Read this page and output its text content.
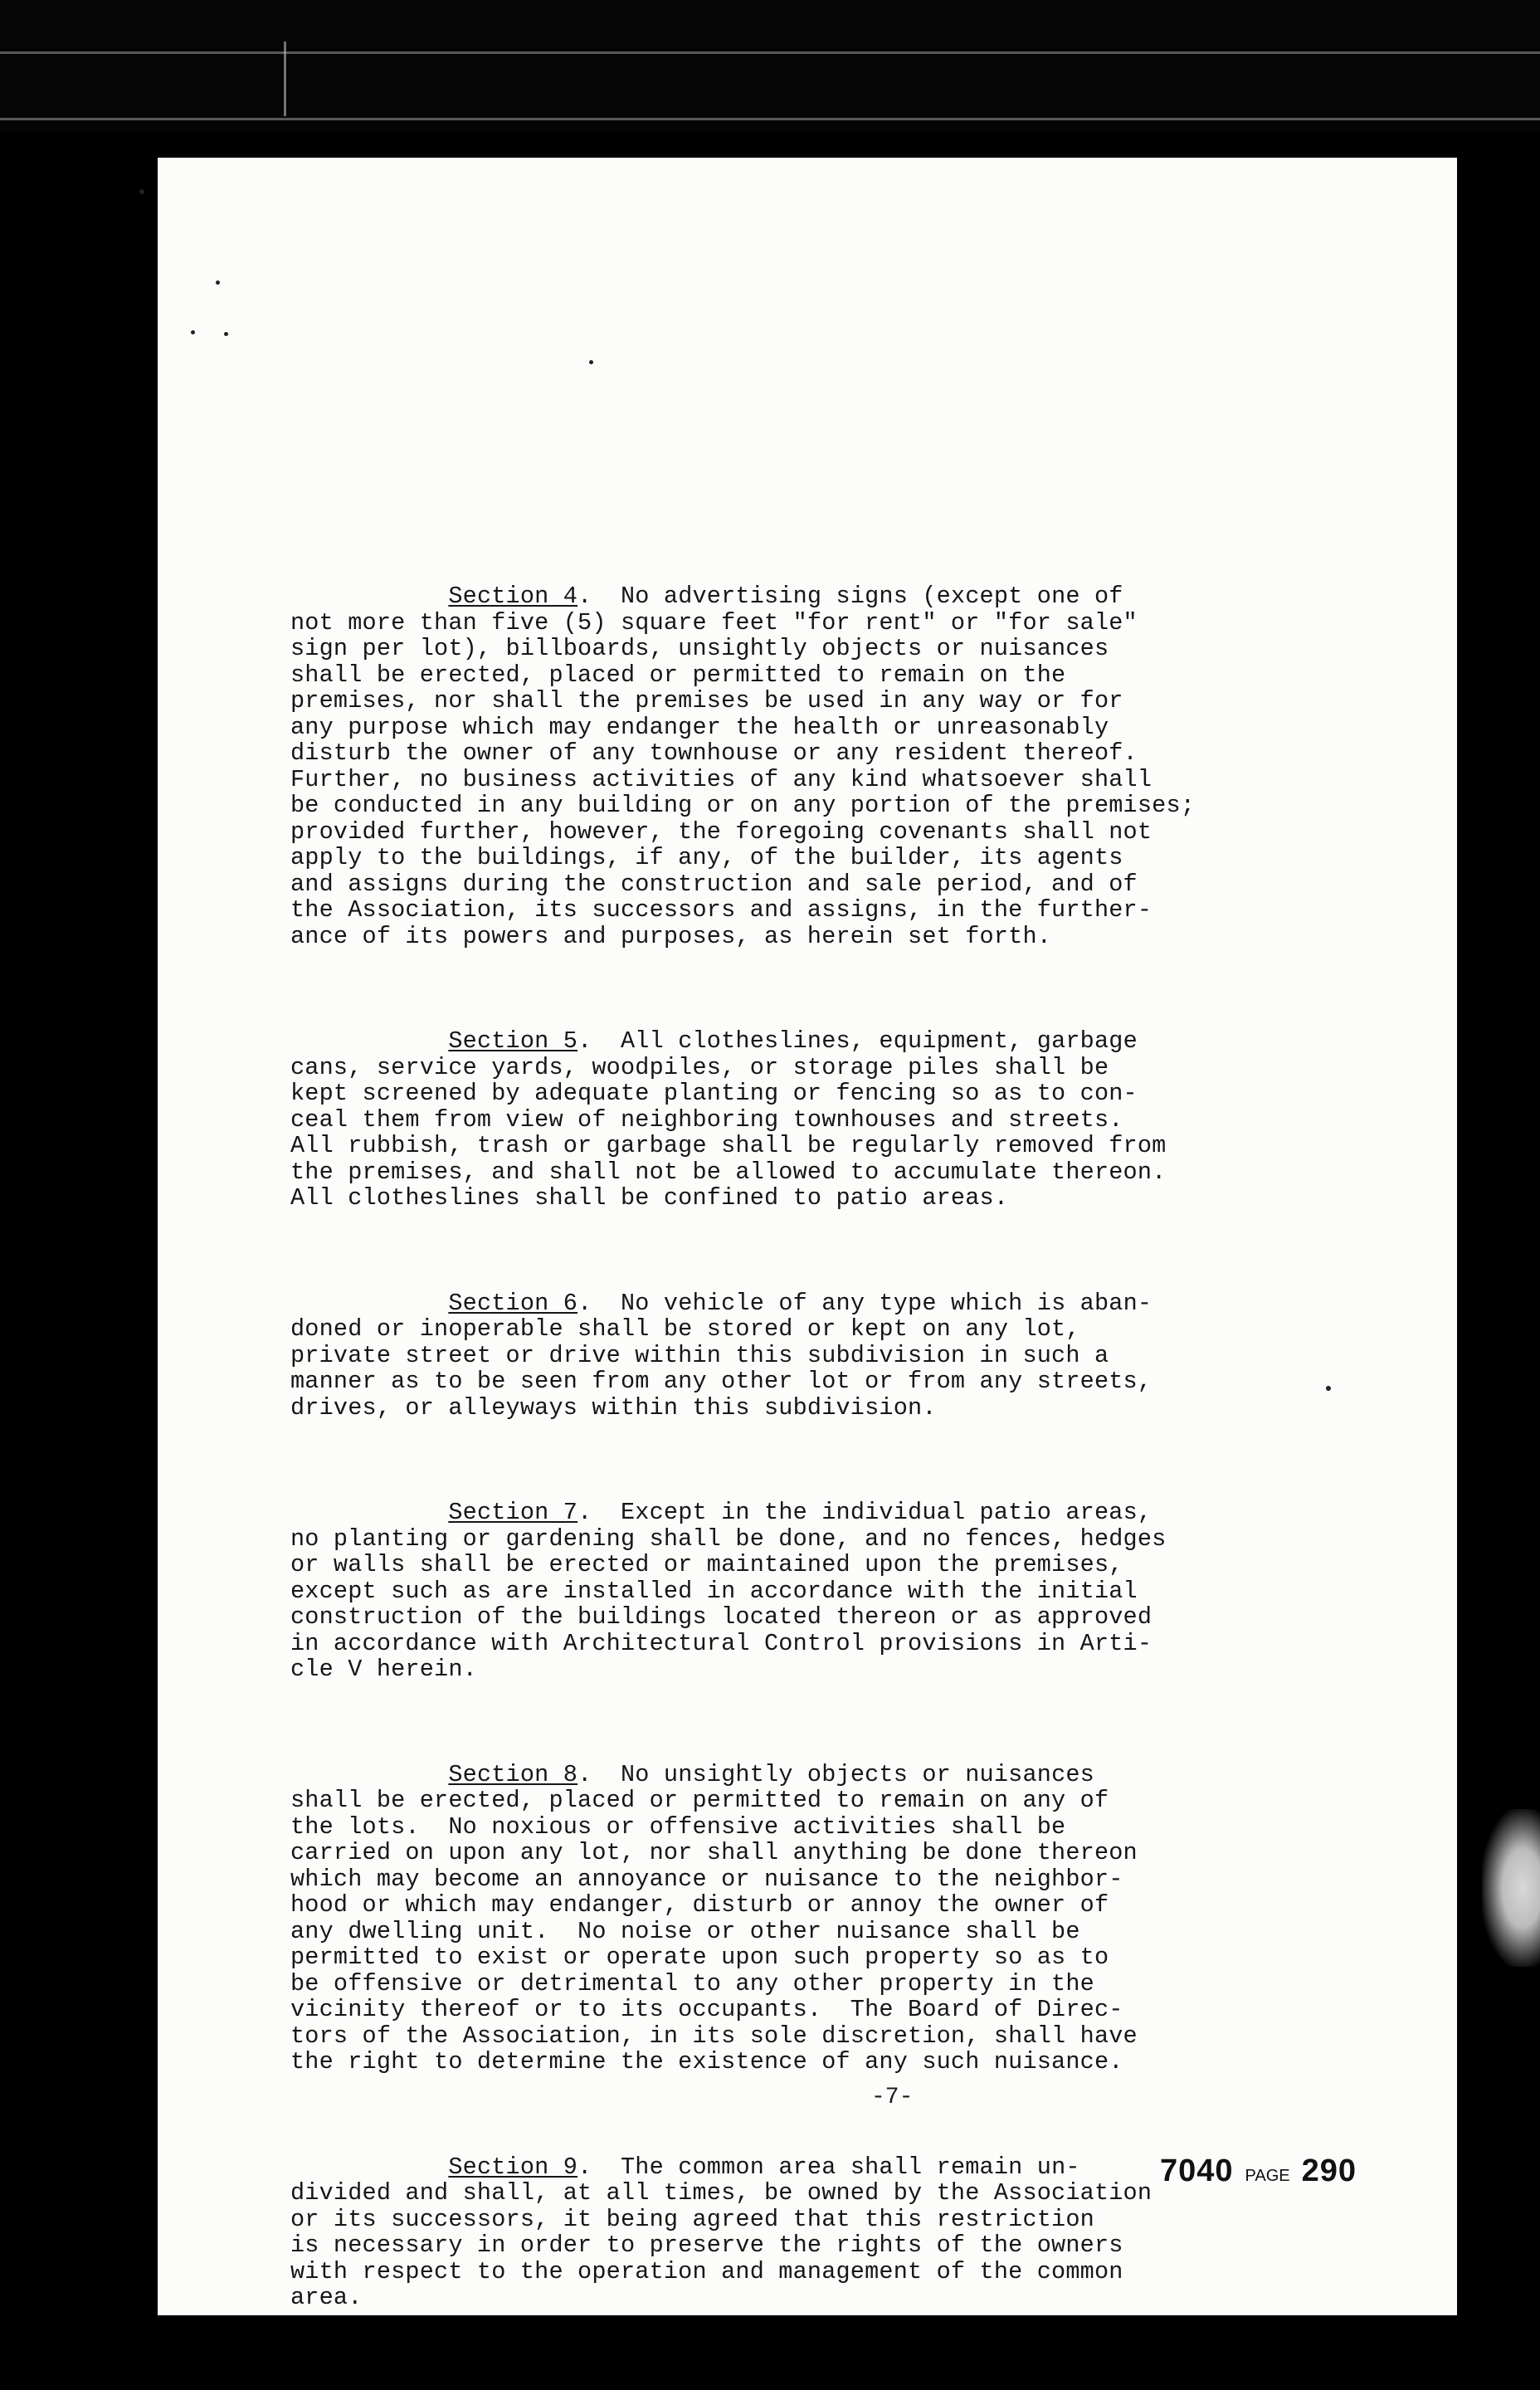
Section 4.  No advertising signs (except one of
not more than five (5) square feet "for rent" or "for sale"
sign per lot), billboards, unsightly objects or nuisances
shall be erected, placed or permitted to remain on the
premises, nor shall the premises be used in any way or for
any purpose which may endanger the health or unreasonably
disturb the owner of any townhouse or any resident thereof.
Further, no business activities of any kind whatsoever shall
be conducted in any building or on any portion of the premises;
provided further, however, the foregoing covenants shall not
apply to the buildings, if any, of the builder, its agents
and assigns during the construction and sale period, and of
the Association, its successors and assigns, in the further-
ance of its powers and purposes, as herein set forth.

Section 5.  All clotheslines, equipment, garbage
cans, service yards, woodpiles, or storage piles shall be
kept screened by adequate planting or fencing so as to con-
ceal them from view of neighboring townhouses and streets.
All rubbish, trash or garbage shall be regularly removed from
the premises, and shall not be allowed to accumulate thereon.
All clotheslines shall be confined to patio areas.

Section 6.  No vehicle of any type which is aban-
doned or inoperable shall be stored or kept on any lot,
private street or drive within this subdivision in such a
manner as to be seen from any other lot or from any streets,
drives, or alleyways within this subdivision.

Section 7.  Except in the individual patio areas,
no planting or gardening shall be done, and no fences, hedges
or walls shall be erected or maintained upon the premises,
except such as are installed in accordance with the initial
construction of the buildings located thereon or as approved
in accordance with Architectural Control provisions in Arti-
cle V herein.

Section 8.  No unsightly objects or nuisances
shall be erected, placed or permitted to remain on any of
the lots.  No noxious or offensive activities shall be
carried on upon any lot, nor shall anything be done thereon
which may become an annoyance or nuisance to the neighbor-
hood or which may endanger, disturb or annoy the owner of
any dwelling unit.  No noise or other nuisance shall be
permitted to exist or operate upon such property so as to
be offensive or detrimental to any other property in the
vicinity thereof or to its occupants.  The Board of Direc-
tors of the Association, in its sole discretion, shall have
the right to determine the existence of any such nuisance.

Section 9.  The common area shall remain un-
divided and shall, at all times, be owned by the Association
or its successors, it being agreed that this restriction
is necessary in order to preserve the rights of the owners
with respect to the operation and management of the common
area.

-7-
7040 PAGE 290
